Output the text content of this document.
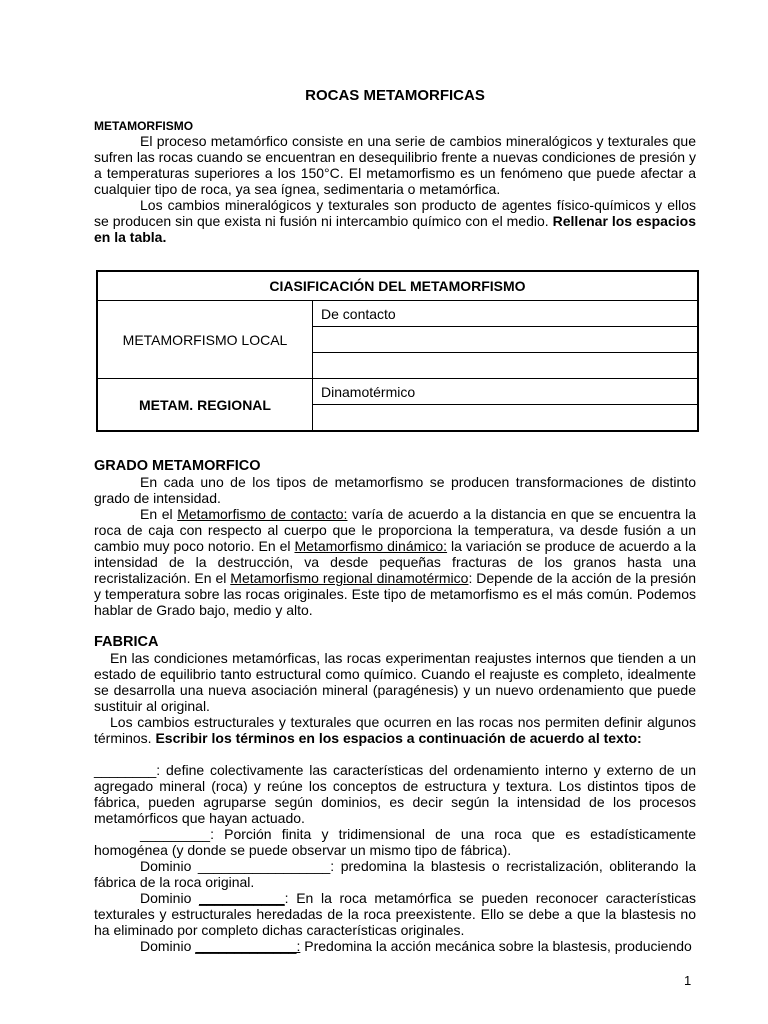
ROCAS METAMORFICAS

METAMORFISMO

El proceso metamórfico consiste en una serie de cambios mineralógicos y texturales que sufren las rocas cuando se encuentran en desequilibrio frente a nuevas condiciones de presión y a temperaturas superiores a los 150°C. El metamorfismo es un fenómeno que puede afectar a cualquier tipo de roca, ya sea ígnea, sedimentaria o metamórfica.

Los cambios mineralógicos y texturales son producto de agentes físico-químicos y ellos se producen sin que exista ni fusión ni intercambio químico con el medio. Rellenar los espacios en la tabla.

CIASIFICACIÓN DEL METAMORFISMO	
METAMORFISMO LOCAL	De contacto

METAM. REGIONAL	Dinamotérmico

GRADO METAMORFICO

En cada uno de los tipos de metamorfismo se producen transformaciones de distinto grado de intensidad.

En el Metamorfismo de contacto: varía de acuerdo a la distancia en que se encuentra la roca de caja con respecto al cuerpo que le proporciona la temperatura, va desde fusión a un cambio muy poco notorio. En el Metamorfismo dinámico: la variación se produce de acuerdo a la intensidad de la destrucción, va desde pequeñas fracturas de los granos hasta una recristalización. En el Metamorfismo regional dinamotérmico: Depende de la acción de la presión y temperatura sobre las rocas originales. Este tipo de metamorfismo es el más común. Podemos hablar de Grado bajo, medio y alto.

FABRICA

En las condiciones metamórficas, las rocas experimentan reajustes internos que tienden a un estado de equilibrio tanto estructural como químico. Cuando el reajuste es completo, idealmente se desarrolla una nueva asociación mineral (paragénesis) y un nuevo ordenamiento que puede sustituir al original.

Los cambios estructurales y texturales que ocurren en las rocas nos permiten definir algunos términos. Escribir los términos en los espacios a continuación de acuerdo al texto:

________: define colectivamente las características del ordenamiento interno y externo de un agregado mineral (roca) y reúne los conceptos de estructura y textura. Los distintos tipos de fábrica, pueden agruparse según dominios, es decir según la intensidad de los procesos metamórficos que hayan actuado.

_________: Porción finita y tridimensional de una roca que es estadísticamente homogénea (y donde se puede observar un mismo tipo de fábrica).

Dominio _________________: predomina la blastesis o recristalización, obliterando la fábrica de la roca original.

Dominio ___________: En la roca metamórfica se pueden reconocer características texturales y estructurales heredadas de la roca preexistente. Ello se debe a que la blastesis no ha eliminado por completo dichas características originales.

Dominio _____________: Predomina la acción mecánica sobre la blastesis, produciendo

1
